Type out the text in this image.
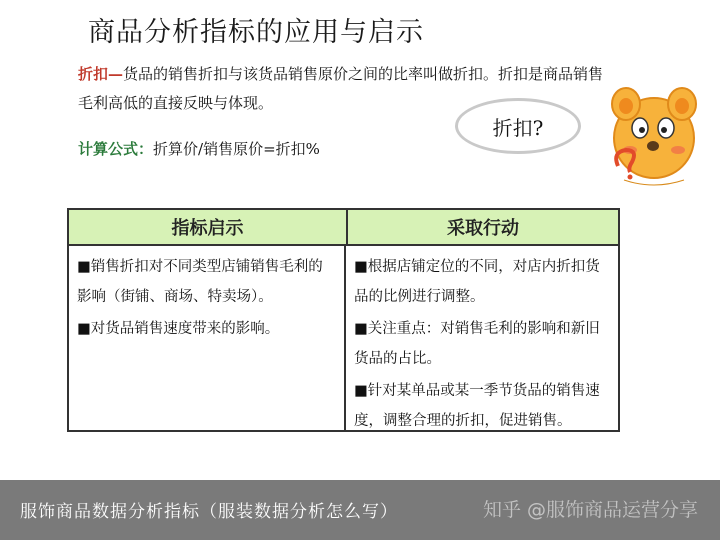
商品分析指标的应用与启示
折扣—货品的销售折扣与该货品销售原价之间的比率叫做折扣。折扣是商品销售毛利高低的直接反映与体现。
计算公式：折算价/销售原价=折扣%
折扣?
指标启示	采取行动
■销售折扣对不同类型店铺销售毛利的影响（街铺、商场、特卖场）。
■对货品销售速度带来的影响。
■根据店铺定位的不同，对店内折扣货品的比例进行调整。
■关注重点：对销售毛利的影响和新旧货品的占比。
■针对某单品或某一季节货品的销售速度，调整合理的折扣，促进销售。
服饰商品数据分析指标（服装数据分析怎么写）	知乎 @服饰商品运营分享
